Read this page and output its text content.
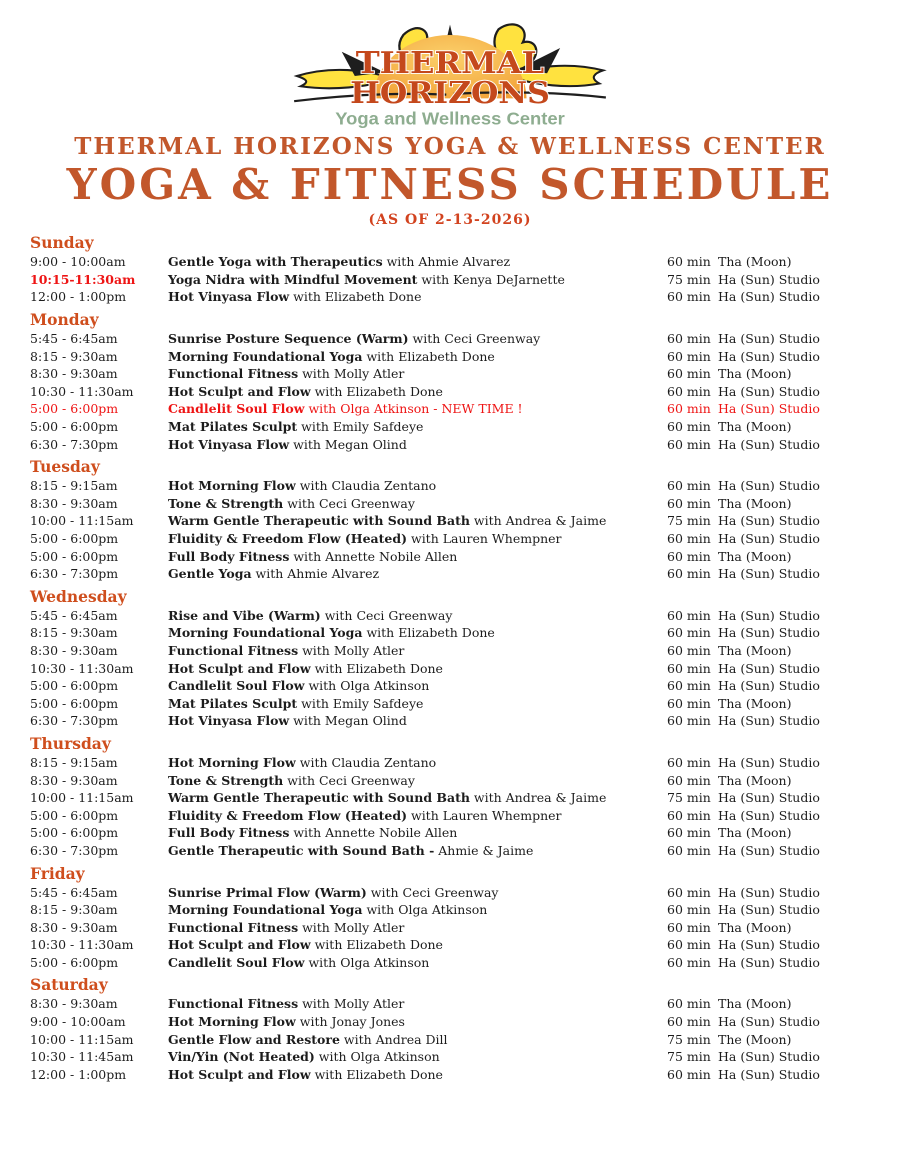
THERMAL
HORIZONS
Yoga and Wellness Center
THERMAL HORIZONS YOGA & WELLNESS CENTER
YOGA & FITNESS SCHEDULE
(AS OF 2-13-2026)
Sunday
9:00 - 10:00am	Gentle Yoga with Therapeutics with Ahmie Alvarez	60 min Tha (Moon)
10:15-11:30am	Yoga Nidra with Mindful Movement with Kenya DeJarnette	75 min Ha (Sun) Studio
12:00 - 1:00pm	Hot Vinyasa Flow with Elizabeth Done	60 min Ha (Sun) Studio
Monday
5:45 - 6:45am	Sunrise Posture Sequence (Warm) with Ceci Greenway	60 min Ha (Sun) Studio
8:15 - 9:30am	Morning Foundational Yoga with Elizabeth Done	60 min Ha (Sun) Studio
8:30 - 9:30am	Functional Fitness with Molly Atler	60 min Tha (Moon)
10:30 - 11:30am	Hot Sculpt and Flow with Elizabeth Done	60 min Ha (Sun) Studio
5:00 - 6:00pm	Candlelit Soul Flow with Olga Atkinson - NEW TIME !	60 min Ha (Sun) Studio
5:00 - 6:00pm	Mat Pilates Sculpt with Emily Safdeye	60 min Tha (Moon)
6:30 - 7:30pm	Hot Vinyasa Flow with Megan Olind	60 min Ha (Sun) Studio
Tuesday
8:15 - 9:15am	Hot Morning Flow with Claudia Zentano	60 min Ha (Sun) Studio
8:30 - 9:30am	Tone & Strength with Ceci Greenway	60 min Tha (Moon)
10:00 - 11:15am	Warm Gentle Therapeutic with Sound Bath with Andrea & Jaime	75 min Ha (Sun) Studio
5:00 - 6:00pm	Fluidity & Freedom Flow (Heated) with Lauren Whempner	60 min Ha (Sun) Studio
5:00 - 6:00pm	Full Body Fitness with Annette Nobile Allen	60 min Tha (Moon)
6:30 - 7:30pm	Gentle Yoga with Ahmie Alvarez	60 min Ha (Sun) Studio
Wednesday
5:45 - 6:45am	Rise and Vibe (Warm) with Ceci Greenway	60 min Ha (Sun) Studio
8:15 - 9:30am	Morning Foundational Yoga with Elizabeth Done	60 min Ha (Sun) Studio
8:30 - 9:30am	Functional Fitness with Molly Atler	60 min Tha (Moon)
10:30 - 11:30am	Hot Sculpt and Flow with Elizabeth Done	60 min Ha (Sun) Studio
5:00 - 6:00pm	Candlelit Soul Flow with Olga Atkinson	60 min Ha (Sun) Studio
5:00 - 6:00pm	Mat Pilates Sculpt with Emily Safdeye	60 min Tha (Moon)
6:30 - 7:30pm	Hot Vinyasa Flow with Megan Olind	60 min Ha (Sun) Studio
Thursday
8:15 - 9:15am	Hot Morning Flow with Claudia Zentano	60 min Ha (Sun) Studio
8:30 - 9:30am	Tone & Strength with Ceci Greenway	60 min Tha (Moon)
10:00 - 11:15am	Warm Gentle Therapeutic with Sound Bath with Andrea & Jaime	75 min Ha (Sun) Studio
5:00 - 6:00pm	Fluidity & Freedom Flow (Heated) with Lauren Whempner	60 min Ha (Sun) Studio
5:00 - 6:00pm	Full Body Fitness with Annette Nobile Allen	60 min Tha (Moon)
6:30 - 7:30pm	Gentle Therapeutic with Sound Bath - Ahmie & Jaime	60 min Ha (Sun) Studio
Friday
5:45 - 6:45am	Sunrise Primal Flow (Warm) with Ceci Greenway	60 min Ha (Sun) Studio
8:15 - 9:30am	Morning Foundational Yoga with Olga Atkinson	60 min Ha (Sun) Studio
8:30 - 9:30am	Functional Fitness with Molly Atler	60 min Tha (Moon)
10:30 - 11:30am	Hot Sculpt and Flow with Elizabeth Done	60 min Ha (Sun) Studio
5:00 - 6:00pm	Candlelit Soul Flow with Olga Atkinson	60 min Ha (Sun) Studio
Saturday
8:30 - 9:30am	Functional Fitness with Molly Atler	60 min Tha (Moon)
9:00 - 10:00am	Hot Morning Flow with Jonay Jones	60 min Ha (Sun) Studio
10:00 - 11:15am	Gentle Flow and Restore with Andrea Dill	75 min The (Moon)
10:30 - 11:45am	Vin/Yin (Not Heated) with Olga Atkinson	75 min Ha (Sun) Studio
12:00 - 1:00pm	Hot Sculpt and Flow with Elizabeth Done	60 min Ha (Sun) Studio
